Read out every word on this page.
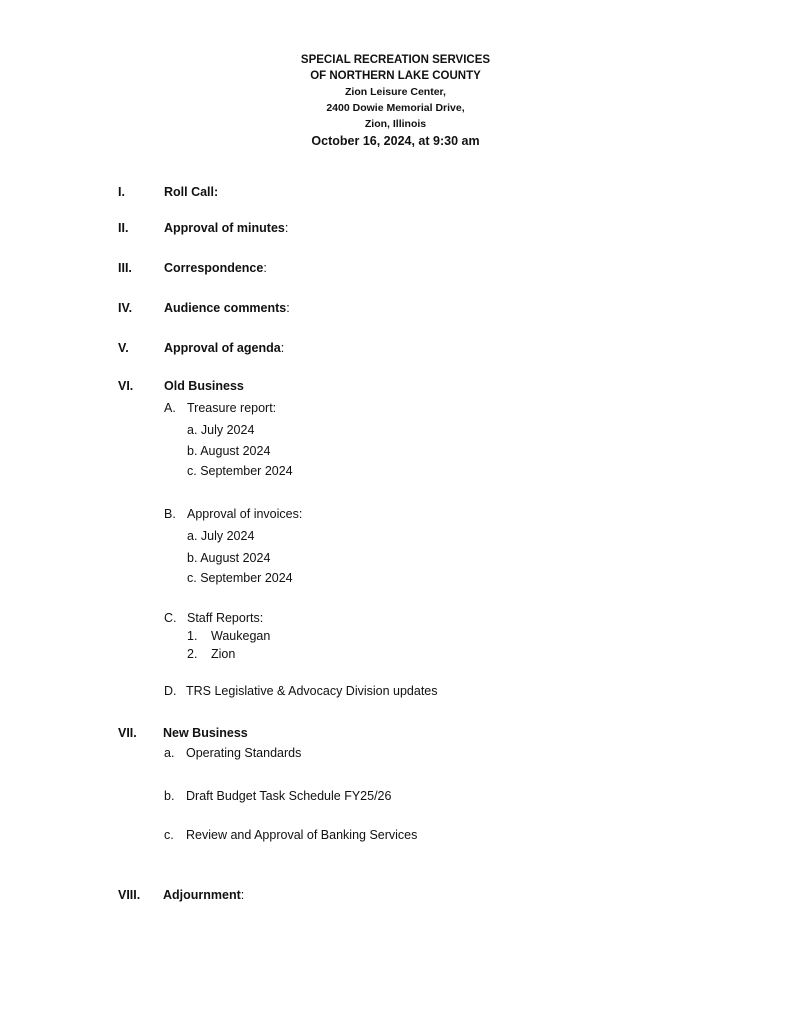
SPECIAL RECREATION SERVICES
OF NORTHERN LAKE COUNTY
Zion Leisure Center,
2400 Dowie Memorial Drive,
Zion, Illinois
October 16, 2024, at 9:30 am
I.	Roll Call:
II.	Approval of minutes:
III.	Correspondence:
IV.	Audience comments:
V.	Approval of agenda:
VI. Old Business
A. Treasure report:
a. July 2024
b. August 2024
c. September 2024
B. Approval of invoices:
a. July 2024
b. August 2024
c. September 2024
C. Staff Reports:
1. Waukegan
2. Zion
D. TRS Legislative & Advocacy Division updates
VII. New Business
a. Operating Standards
b. Draft Budget Task Schedule FY25/26
c. Review and Approval of Banking Services
VIII. Adjournment:
